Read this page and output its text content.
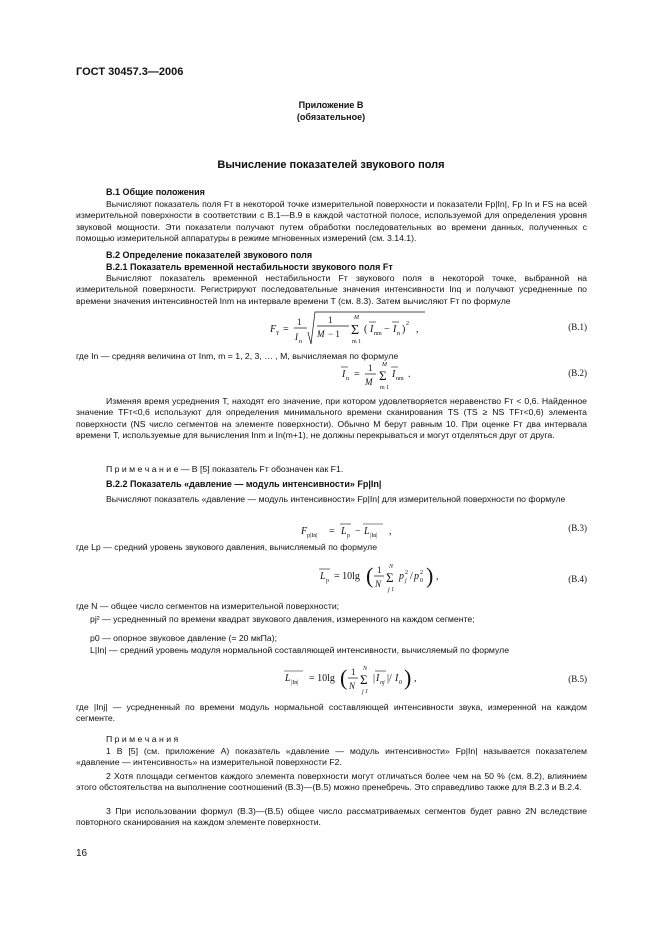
ГОСТ 30457.3—2006
Приложение В
(обязательное)
Вычисление показателей звукового поля
В.1 Общие положения
Вычисляют показатель поля Fт в некоторой точке измерительной поверхности и показатели Fp|In|, Fp In и FS на всей измерительной поверхности в соответствии с В.1—В.9 в каждой частотной полосе, используемой для определения уровня звуковой мощности. Эти показатели получают путем обработки последовательных во времени данных, полученных с помощью измерительной аппаратуры в режиме мгновенных измерений (см. 3.14.1).
В.2 Определение показателей звукового поля
В.2.1 Показатель временной нестабильности звукового поля Fт
Вычисляют показатель временной нестабильности Fт звукового поля в некоторой точке, выбранной на измерительной поверхности. Регистрируют последовательные значения интенсивности Inq и получают усредненные по времени значения интенсивностей Inm на интервале времени T (см. 8.3). Затем вычисляют Fт по формуле
F т =
1
I n
1
M − 1 Σ
M
m 1
( I nm − I n ) 2 ,	(В.1)
где In — средняя величина от Inm, m = 1, 2, 3, … , M, вычисляемая по формуле
I n =
1
M Σ
M
m 1
I nm .	(В.2)
Изменяя время усреднения T, находят его значение, при котором удовлетворяется неравенство Fт < 0,6. Найденное значение TFт<0,6 используют для определения минимального времени сканирования TS (TS ≥ NS TFт<0,6) элемента поверхности (NS число сегментов на элементе поверхности). Обычно M берут равным 10. При оценке Fт два интервала времени T, используемые для вычисления Inm и In(m+1), не должны перекрываться и могут отделяться друг от друга.
П р и м е ч а н и е — В [5] показатель Fт обозначен как F1.
В.2.2 Показатель «давление — модуль интенсивности» Fp|In|
Вычисляют показатель «давление — модуль интенсивности» Fp|In| для измерительной поверхности по формуле
F p|In| = L p − L |In| ,	(В.3)
где Lp — средний уровень звукового давления, вычисляемый по формуле
L p = 10lg ( 1
N Σ
N
j 1
p 2
j / p 2
0 ) ,	(В.4)
где N — общее число сегментов на измерительной поверхности;
pj² — усредненный по времени квадрат звукового давления, измеренного на каждом сегменте;
p0 — опорное звуковое давление (= 20 мкПа);
L|In| — средний уровень модуля нормальной составляющей интенсивности, вычисляемый по формуле
L |In| = 10lg ( 1
N Σ
N
j 1
| I nj |/ I 0 ) ,	(В.5)
где |Inj| — усредненный по времени модуль нормальной составляющей интенсивности звука, измеренной на каждом сегменте.
П р и м е ч а н и я
1 В [5] (см. приложение А) показатель «давление — модуль интенсивности» Fp|In| называется показателем «давление — интенсивность» на измерительной поверхности F2.
2 Хотя площади сегментов каждого элемента поверхности могут отличаться более чем на 50 % (см. 8.2), влиянием этого обстоятельства на выполнение соотношений (В.3)—(В.5) можно пренебречь. Это справедливо также для В.2.3 и В.2.4.
3 При использовании формул (В.3)—(В.5) общее число рассматриваемых сегментов будет равно 2N вследствие повторного сканирования на каждом элементе поверхности.
16
